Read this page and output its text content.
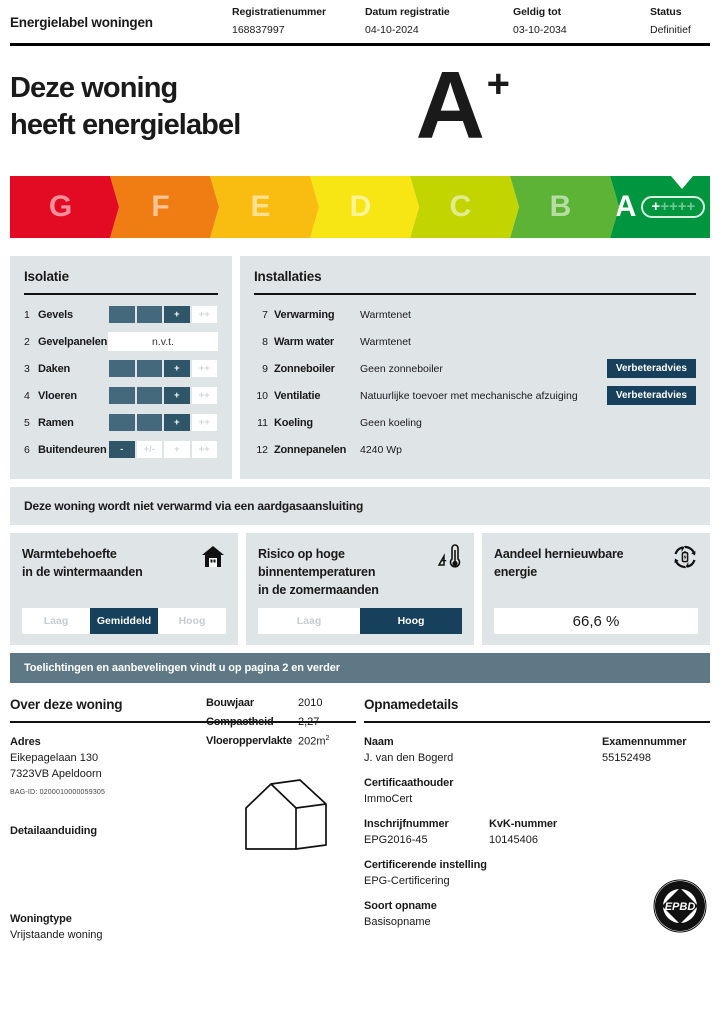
Energielabel woningen
Registratienummer
168837997
Datum registratie
04-10-2024
Geldig tot
03-10-2034
Status
Definitief
Deze woning
heeft energielabel	A +
G	F	E	D	C	B A + + + + +
Isolatie
1 Gevels	-	+/-	+	++
2 Gevelpanelen	n.v.t.
3 Daken	-	+/-	+	++
4 Vloeren	-	+/-	+	++
5 Ramen	-	+/-	+	++
6 Buitendeuren	-	+/-	+	++
Installaties
7 Verwarming	Warmtenet
8 Warm water	Warmtenet
9 Zonneboiler	Geen zonneboiler	Verbeteradvies
10 Ventilatie	Natuurlijke toevoer met mechanische afzuiging	Verbeteradvies
11 Koeling	Geen koeling
12 Zonnepanelen	4240 Wp
Deze woning wordt niet verwarmd via een aardgasaansluiting
Warmtebehoefte
in de wintermaanden
Laag	Gemiddeld	Hoog
Risico op hoge
binnentemperaturen
in de zomermaanden
Laag	Hoog
Aandeel hernieuwbare
energie
66,6 %
Toelichtingen en aanbevelingen vindt u op pagina 2 en verder
Over deze woning
Adres
Eikepagelaan 130
7323VB Apeldoorn
BAG-ID: 0200010000059305
Detailaanduiding
Bouwjaar	2010
Compactheid	2,27
Vloeroppervlakte $202m^2$
Woningtype
Vrijstaande woning
Opnamedetails
Naam
J. van den Bogerd
Examennummer
55152498
Certificaathouder
ImmoCert
Inschrijfnummer
EPG2016-45
KvK-nummer
10145406
Certificerende instelling
EPG-Certificering
Soort opname
Basisopname
EPBD
